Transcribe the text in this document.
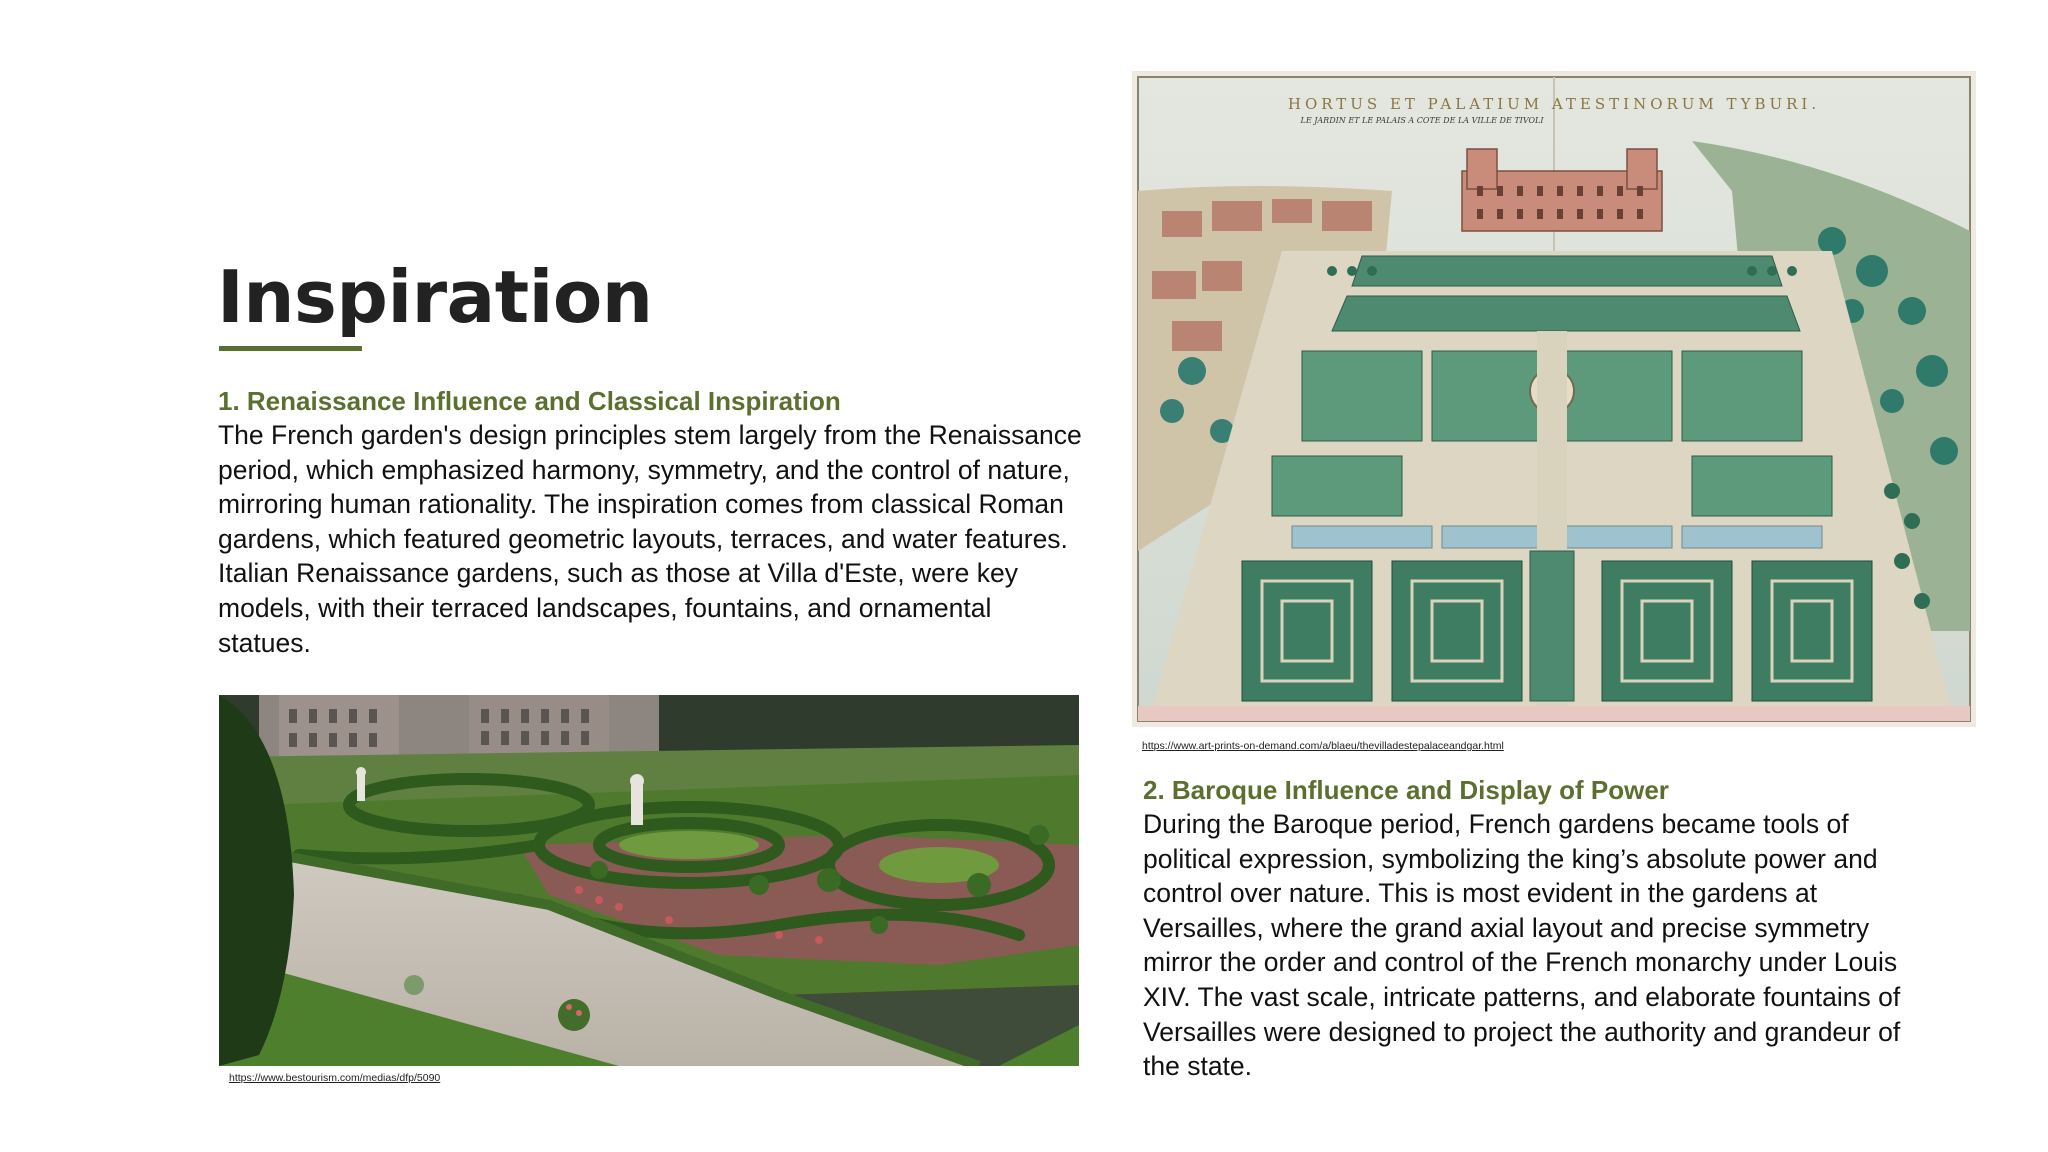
Inspiration
1. Renaissance Influence and Classical Inspiration

The French garden's design principles stem largely from the Renaissance period, which emphasized harmony, symmetry, and the control of nature, mirroring human rationality. The inspiration comes from classical Roman gardens, which featured geometric layouts, terraces, and water features. Italian Renaissance gardens, such as those at Villa d'Este, were key models, with their terraced landscapes, fountains, and ornamental statues.

https://www.bestourism.com/medias/dfp/5090

HORTUS ET PALATIUM ATESTINORUM TYBURI.
LE JARDIN ET LE PALAIS A COTE DE LA VILLE DE TIVOLI

https://www.art-prints-on-demand.com/a/blaeu/thevilladestepalaceandgar.html

2. Baroque Influence and Display of Power

During the Baroque period, French gardens became tools of political expression, symbolizing the king’s absolute power and control over nature. This is most evident in the gardens at Versailles, where the grand axial layout and precise symmetry mirror the order and control of the French monarchy under Louis XIV. The vast scale, intricate patterns, and elaborate fountains of Versailles were designed to project the authority and grandeur of the state.
